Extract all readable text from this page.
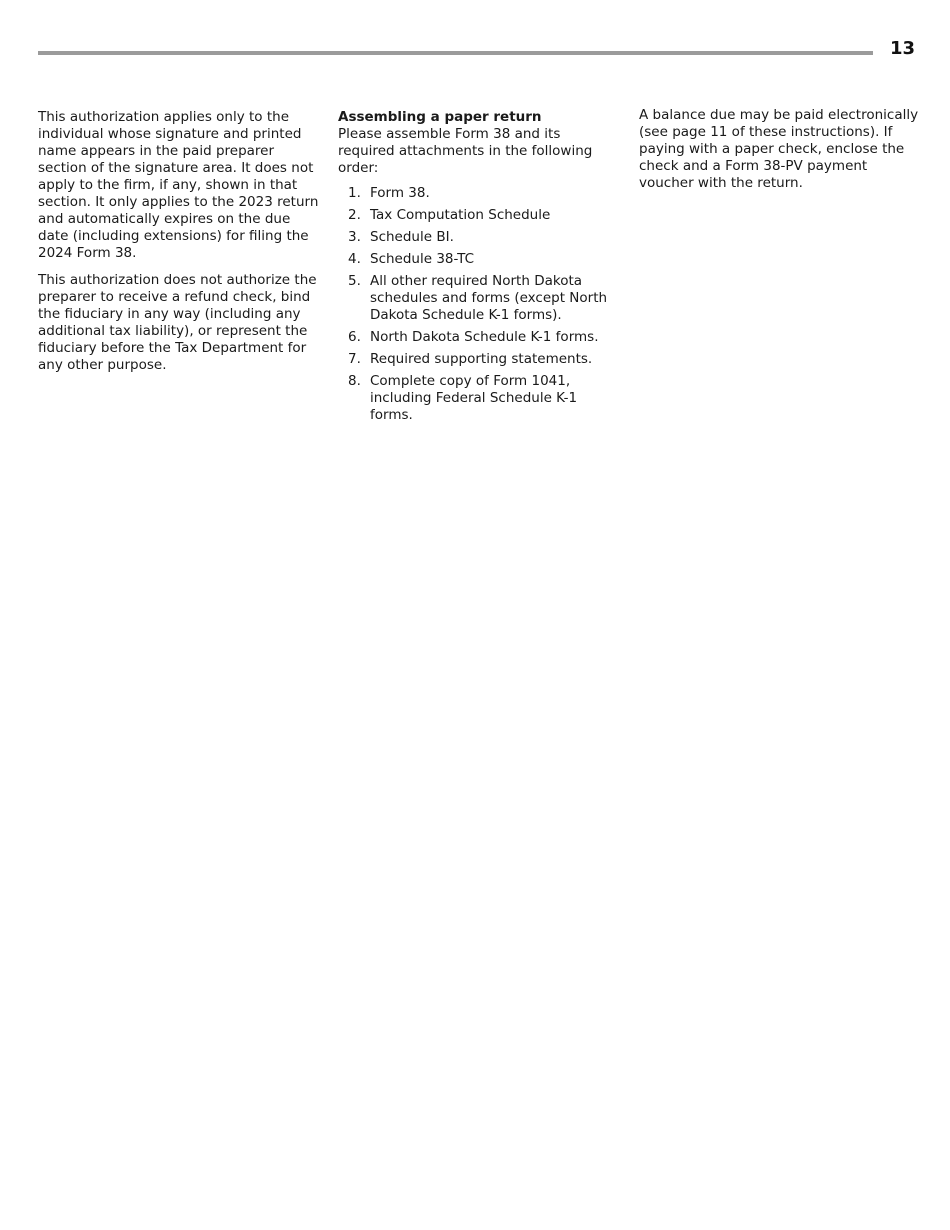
13

This authorization applies only to the individual whose signature and printed name appears in the paid preparer section of the signature area. It does not apply to the firm, if any, shown in that section. It only applies to the 2023 return and automatically expires on the due date (including extensions) for filing the 2024 Form 38.

This authorization does not authorize the preparer to receive a refund check, bind the fiduciary in any way (including any additional tax liability), or represent the fiduciary before the Tax Department for any other purpose.

Assembling a paper return
Please assemble Form 38 and its required attachments in the following order:
1. Form 38.
2. Tax Computation Schedule
3. Schedule BI.
4. Schedule 38-TC
5. All other required North Dakota schedules and forms (except North Dakota Schedule K-1 forms).
6. North Dakota Schedule K-1 forms.
7. Required supporting statements.
8. Complete copy of Form 1041, including Federal Schedule K-1 forms.

A balance due may be paid electronically (see page 11 of these instructions). If paying with a paper check, enclose the check and a Form 38-PV payment voucher with the return.
